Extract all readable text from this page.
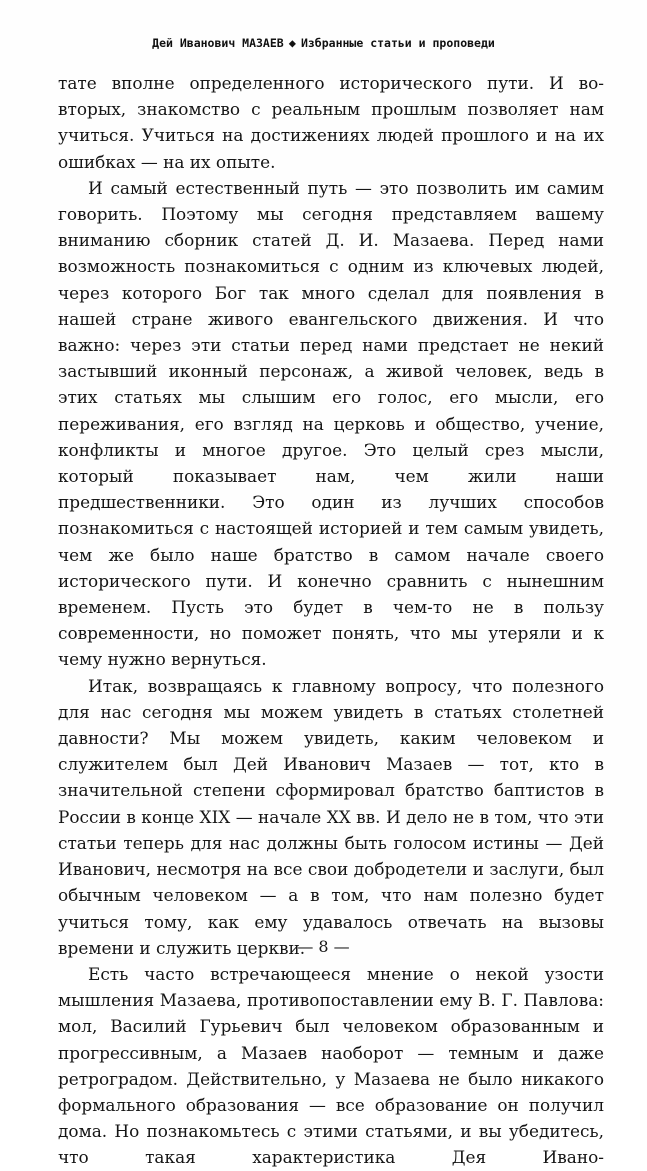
Дей Иванович МАЗАЕВ ◆ Избранные статьи и проповеди

тате вполне определенного исторического пути. И во-вторых, знакомство с реальным прошлым позволяет нам учиться. Учиться на достижениях людей прошлого и на их ошибках — на их опыте.

И самый естественный путь — это позволить им самим говорить. Поэтому мы сегодня представляем вашему вниманию сборник статей Д. И. Мазаева. Перед нами возможность познакомиться с одним из ключевых людей, через которого Бог так много сделал для появления в нашей стране живого евангельского движения. И что важно: через эти статьи перед нами предстает не некий застывший иконный персонаж, а живой человек, ведь в этих статьях мы слышим его голос, его мысли, его переживания, его взгляд на церковь и общество, учение, конфликты и многое другое. Это целый срез мысли, который показывает нам, чем жили наши предшественники. Это один из лучших способов познакомиться с настоящей историей и тем самым увидеть, чем же было наше братство в самом начале своего исторического пути. И конечно сравнить с нынешним временем. Пусть это будет в чем-то не в пользу современности, но поможет понять, что мы утеряли и к чему нужно вернуться.

Итак, возвращаясь к главному вопросу, что полезного для нас сегодня мы можем увидеть в статьях столетней давности? Мы можем увидеть, каким человеком и служителем был Дей Иванович Мазаев — тот, кто в значительной степени сформировал братство баптистов в России в конце XIX — начале XX вв. И дело не в том, что эти статьи теперь для нас должны быть голосом истины — Дей Иванович, несмотря на все свои добродетели и заслуги, был обычным человеком — а в том, что нам полезно будет учиться тому, как ему удавалось отвечать на вызовы времени и служить церкви.

Есть часто встречающееся мнение о некой узости мышления Мазаева, противопоставлении ему В. Г. Павлова: мол, Василий Гурьевич был человеком образованным и прогрессивным, а Мазаев наоборот — темным и даже ретроградом. Действительно, у Мазаева не было никакого формального образования — все образование он получил дома. Но познакомьтесь с этими статьями, и вы убедитесь, что такая характеристика Дея Ивано-

— 8 —
